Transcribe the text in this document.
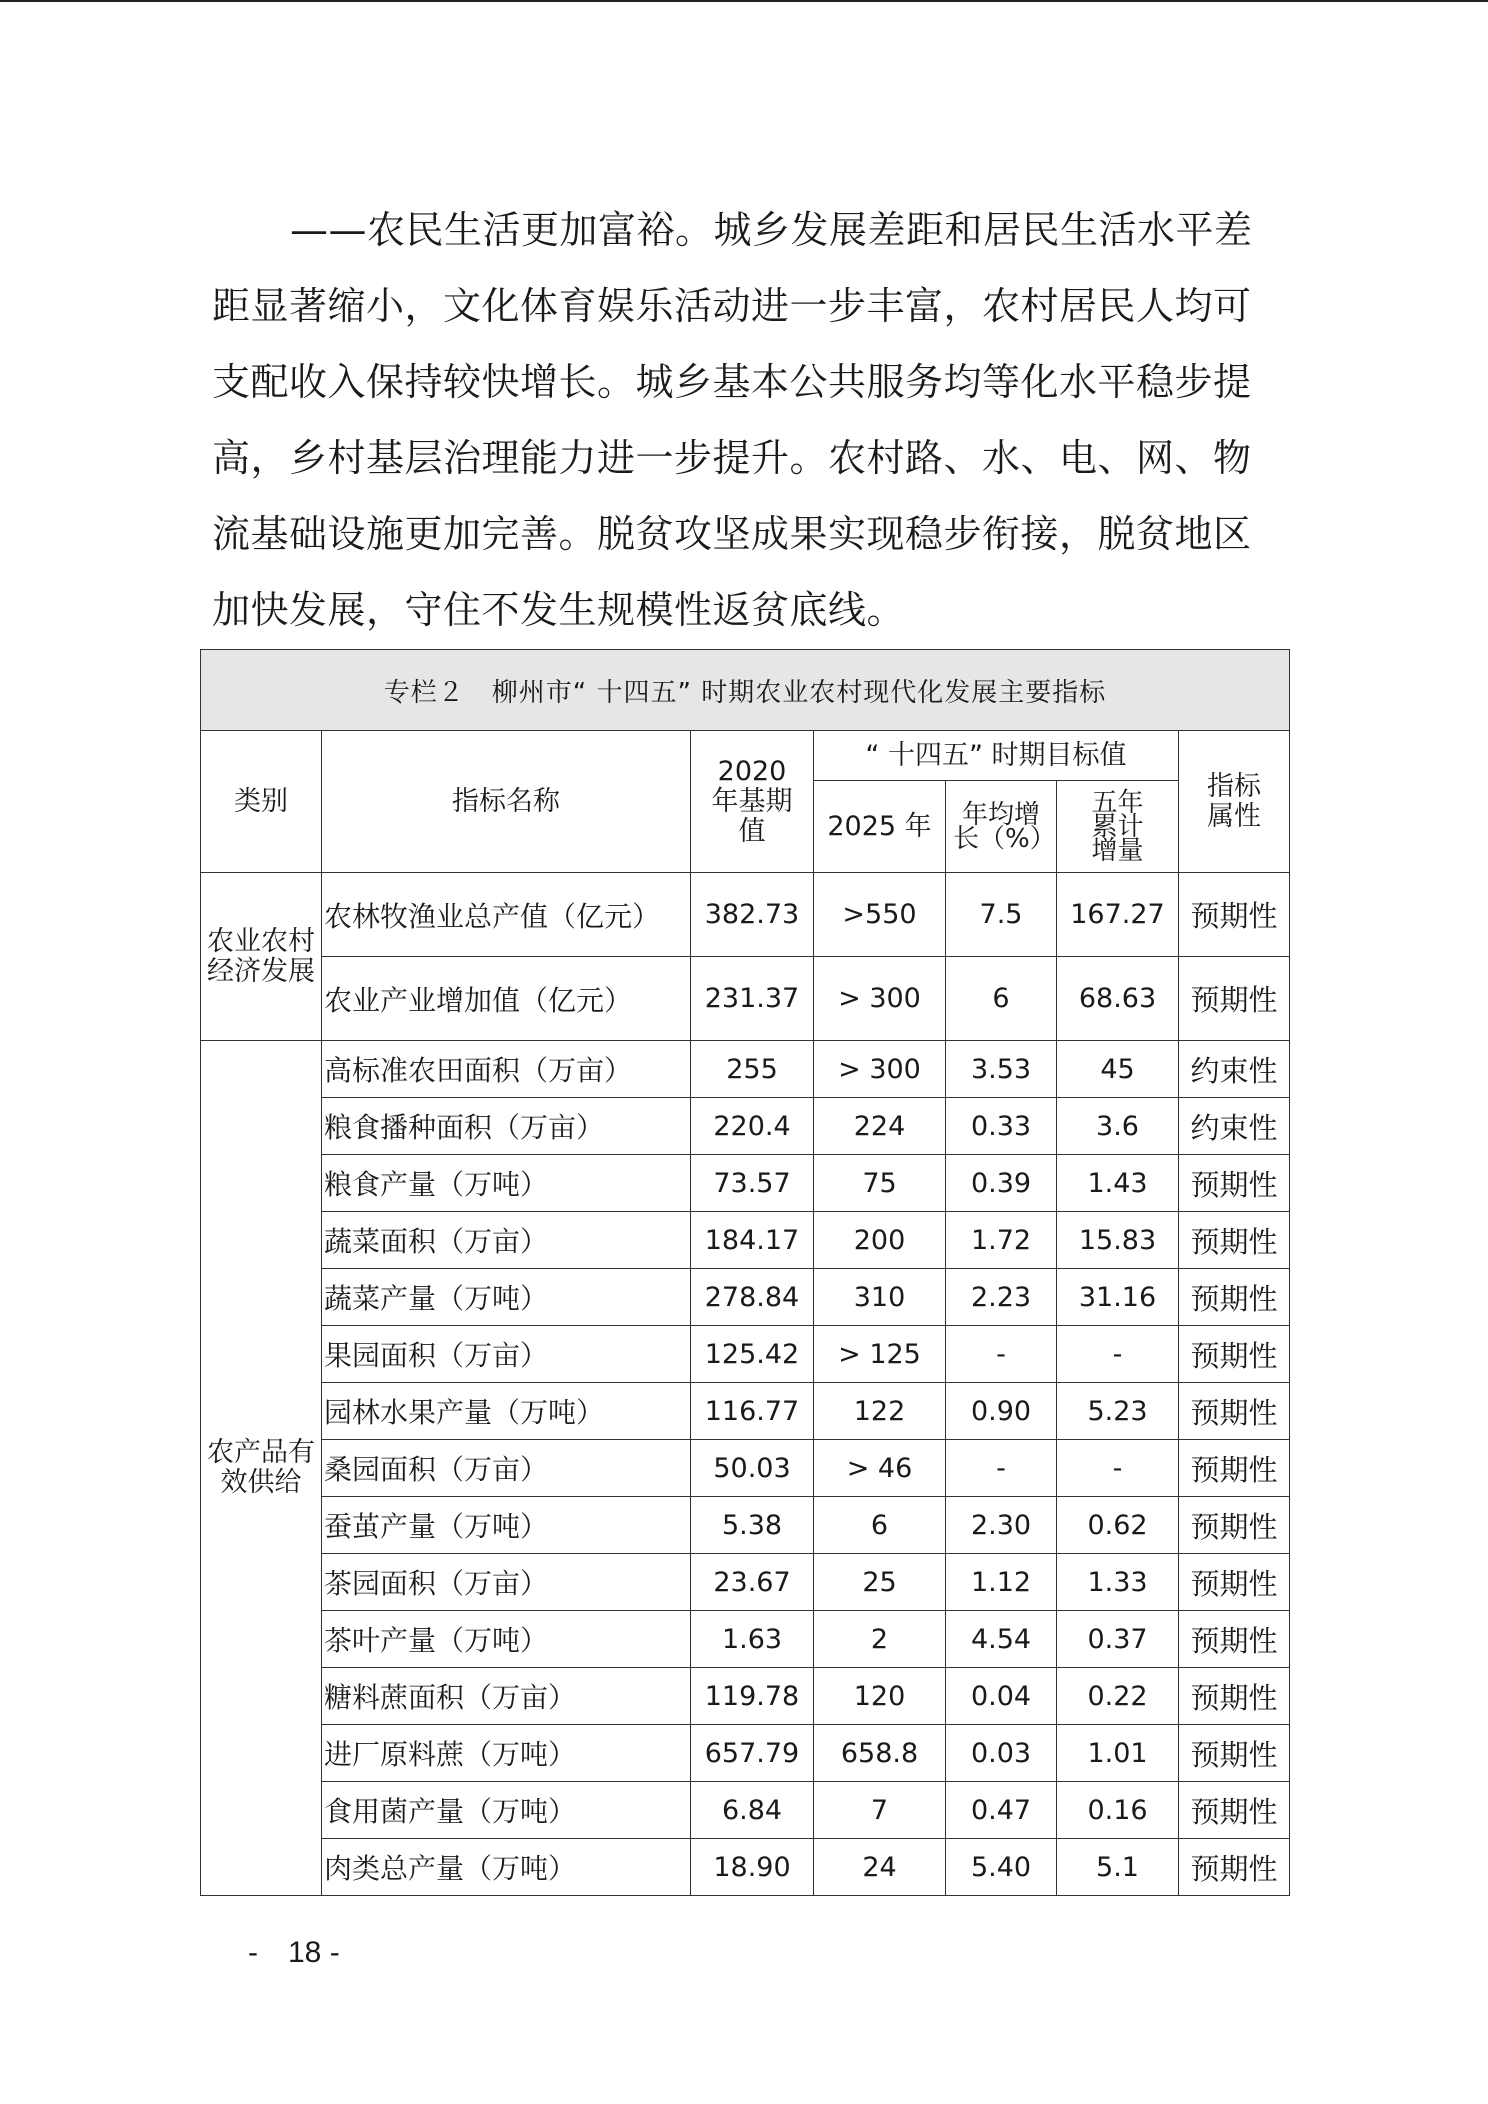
——农民生活更加富裕。城乡发展差距和居民生活水平差
距显著缩小，文化体育娱乐活动进一步丰富，农村居民人均可
支配收入保持较快增长。城乡基本公共服务均等化水平稳步提
高，乡村基层治理能力进一步提升。农村路、水、电、网、物
流基础设施更加完善。脱贫攻坚成果实现稳步衔接，脱贫地区
加快发展，守住不发生规模性返贫底线。
专栏２　柳州市“ 十四五” 时期农业农村现代化发展主要指标						
类别	指标名称	2020 年基期值	“ 十四五” 时期目标值			指标属性

			2025 年	年均增长（%）	五年累计增量	

农业农村经济发展	农林牧渔业总产值（亿元）	382.73	>550	7.5	167.27	预期性
	农业产业增加值（亿元）	231.37	> 300	6	68.63	预期性

农产品有效供给	高标准农田面积（万亩）	255	> 300	3.53	45	约束性
	粮食播种面积（万亩）	220.4	224	0.33	3.6	约束性
	粮食产量（万吨）	73.57	75	0.39	1.43	预期性
	蔬菜面积（万亩）	184.17	200	1.72	15.83	预期性
	蔬菜产量（万吨）	278.84	310	2.23	31.16	预期性
	果园面积（万亩）	125.42	> 125	-	-	预期性
	园林水果产量（万吨）	116.77	122	0.90	5.23	预期性
	桑园面积（万亩）	50.03	> 46	-	-	预期性
	蚕茧产量（万吨）	5.38	6	2.30	0.62	预期性
	茶园面积（万亩）	23.67	25	1.12	1.33	预期性
	茶叶产量（万吨）	1.63	2	4.54	0.37	预期性
	糖料蔗面积（万亩）	119.78	120	0.04	0.22	预期性
	进厂原料蔗（万吨）	657.79	658.8	0.03	1.01	预期性
	食用菌产量（万吨）	6.84	7	0.47	0.16	预期性
	肉类总产量（万吨）	18.90	24	5.40	5.1	预期性
-　18 -
